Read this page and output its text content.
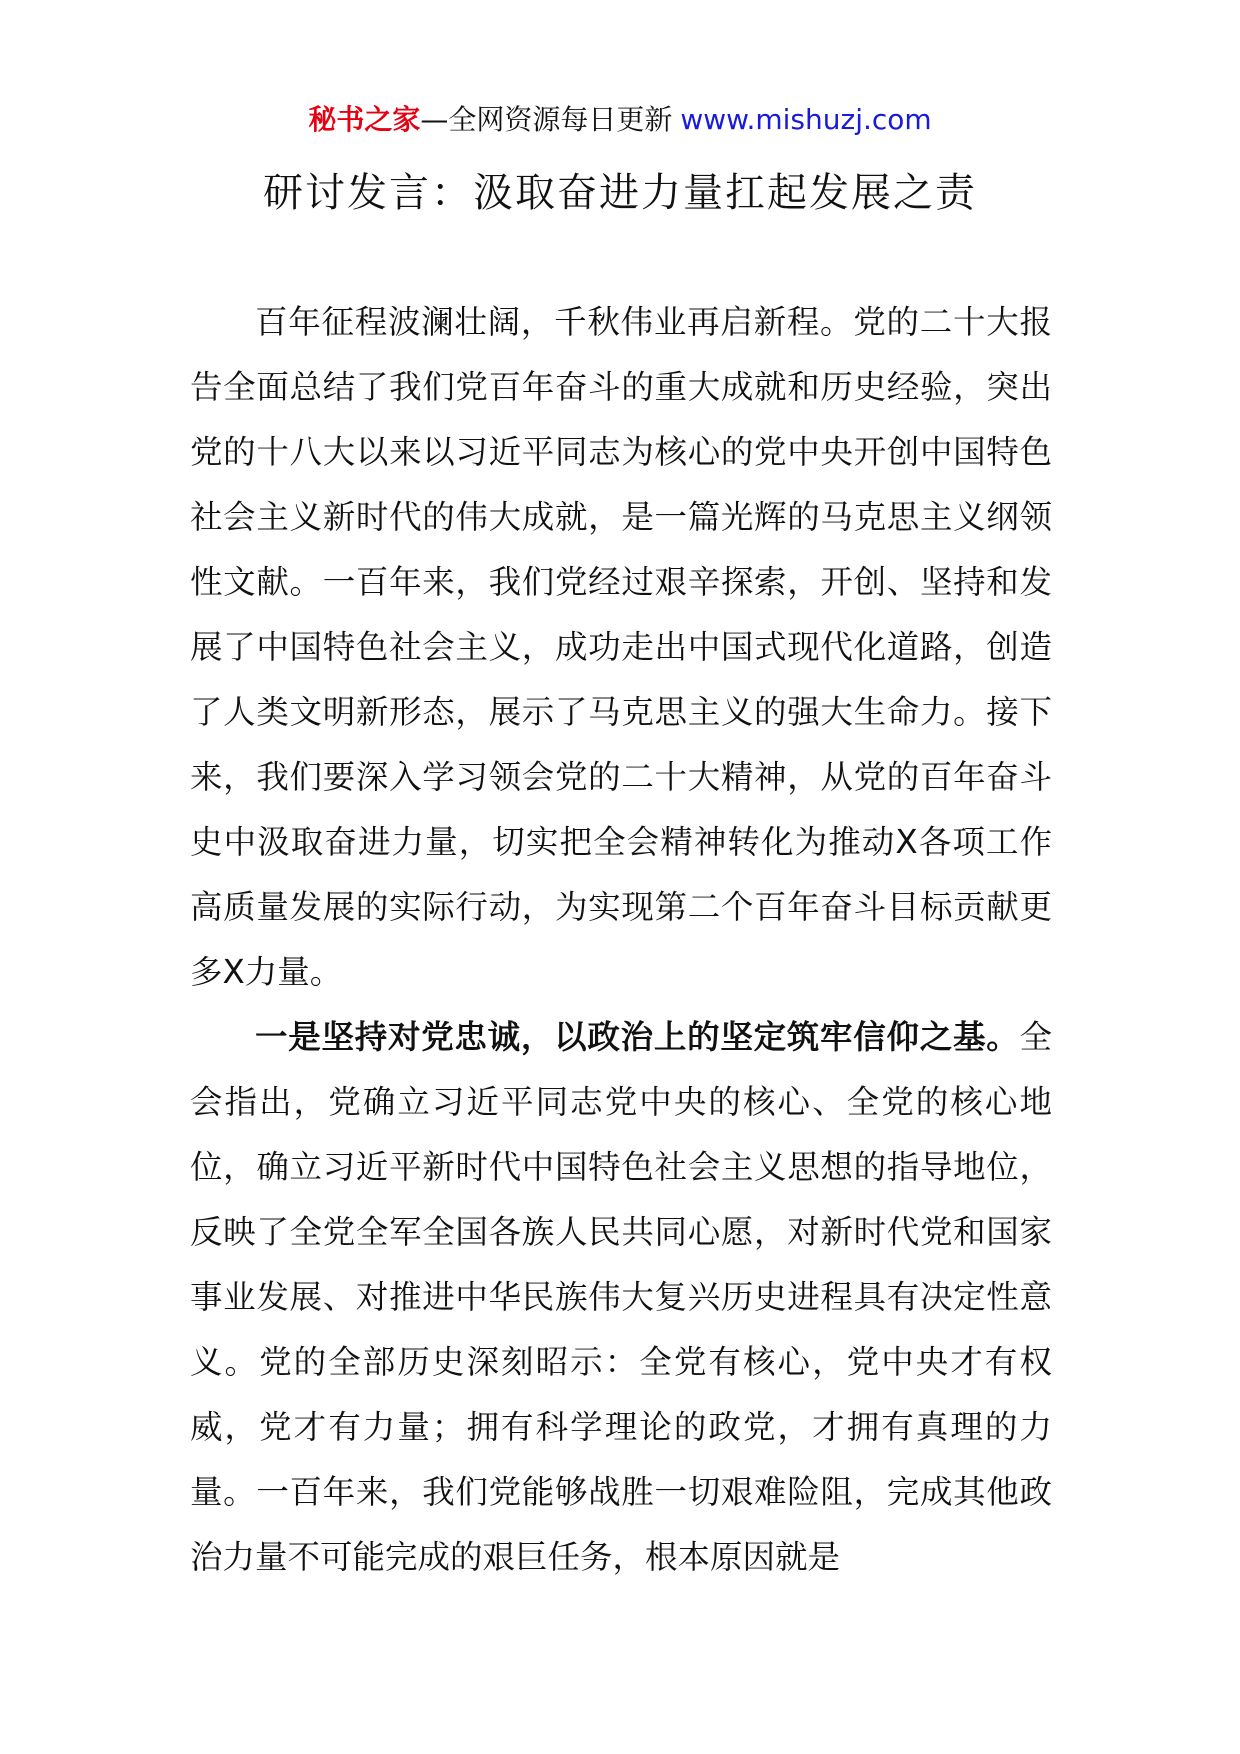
秘书之家—全网资源每日更新 www.mishuzj.com
研讨发言：汲取奋进力量扛起发展之责

百年征程波澜壮阔，千秋伟业再启新程。党的二十大报告全面总结了我们党百年奋斗的重大成就和历史经验，突出党的十八大以来以习近平同志为核心的党中央开创中国特色社会主义新时代的伟大成就，是一篇光辉的马克思主义纲领性文献。一百年来，我们党经过艰辛探索，开创、坚持和发展了中国特色社会主义，成功走出中国式现代化道路，创造了人类文明新形态，展示了马克思主义的强大生命力。接下来，我们要深入学习领会党的二十大精神，从党的百年奋斗史中汲取奋进力量，切实把全会精神转化为推动X各项工作高质量发展的实际行动，为实现第二个百年奋斗目标贡献更多X力量。

一是坚持对党忠诚，以政治上的坚定筑牢信仰之基。全会指出，党确立习近平同志党中央的核心、全党的核心地位，确立习近平新时代中国特色社会主义思想的指导地位，反映了全党全军全国各族人民共同心愿，对新时代党和国家事业发展、对推进中华民族伟大复兴历史进程具有决定性意义。党的全部历史深刻昭示：全党有核心，党中央才有权威，党才有力量；拥有科学理论的政党，才拥有真理的力量。一百年来，我们党能够战胜一切艰难险阻，完成其他政治力量不可能完成的艰巨任务，根本原因就是
